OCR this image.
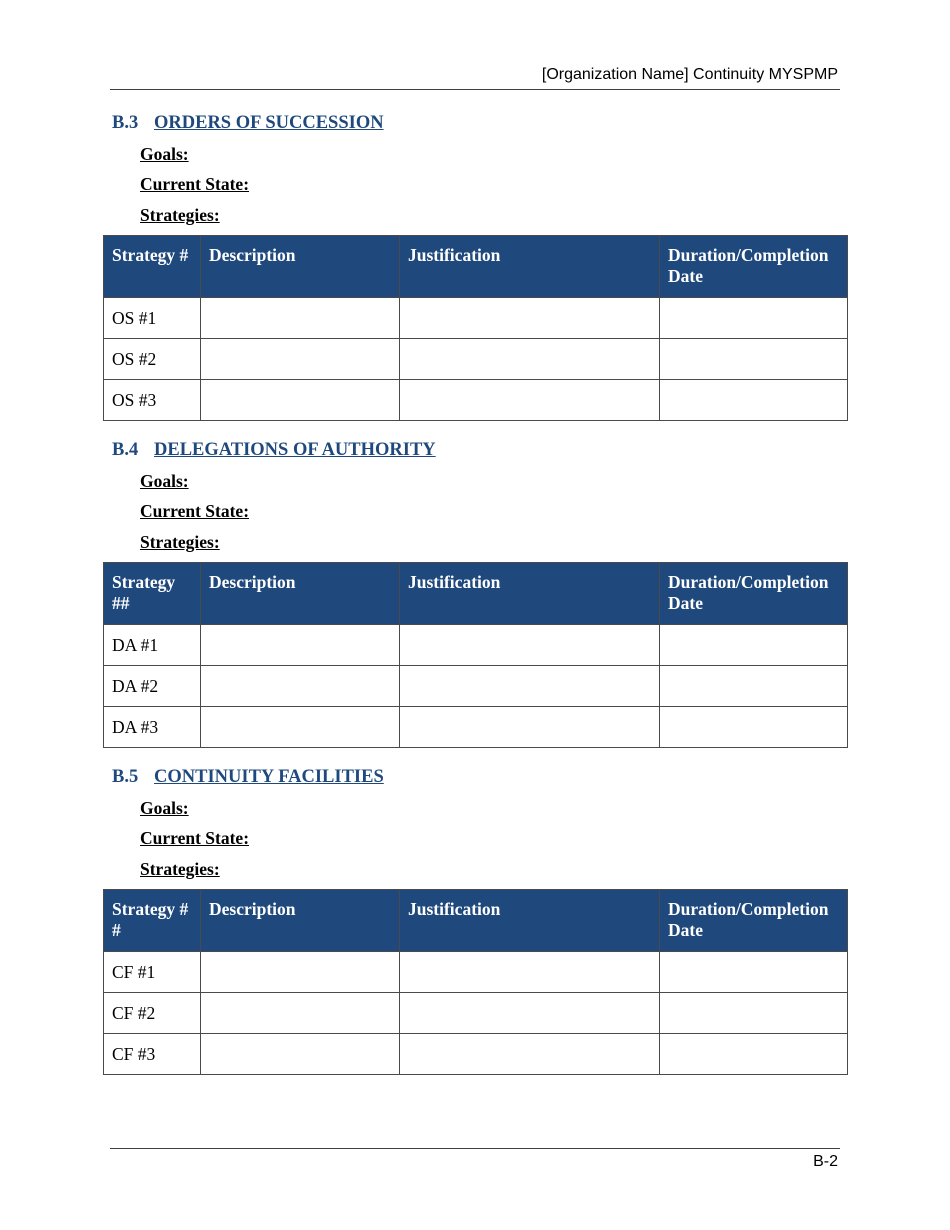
[Organization Name] Continuity MYSPMP
B.3 ORDERS OF SUCCESSION
Goals:
Current State:
Strategies:
Strategy #	Description	Justification	Duration/Completion Date

OS #1			

OS #2			

OS #3			

B.4 DELEGATIONS OF AUTHORITY
Goals:
Current State:
Strategies:
Strategy ##	Description	Justification	Duration/Completion Date

DA #1			

DA #2			

DA #3			

B.5 CONTINUITY FACILITIES
Goals:
Current State:
Strategies:
Strategy # #	Description	Justification	Duration/Completion Date

CF #1			

CF #2			

CF #3			

B-2
